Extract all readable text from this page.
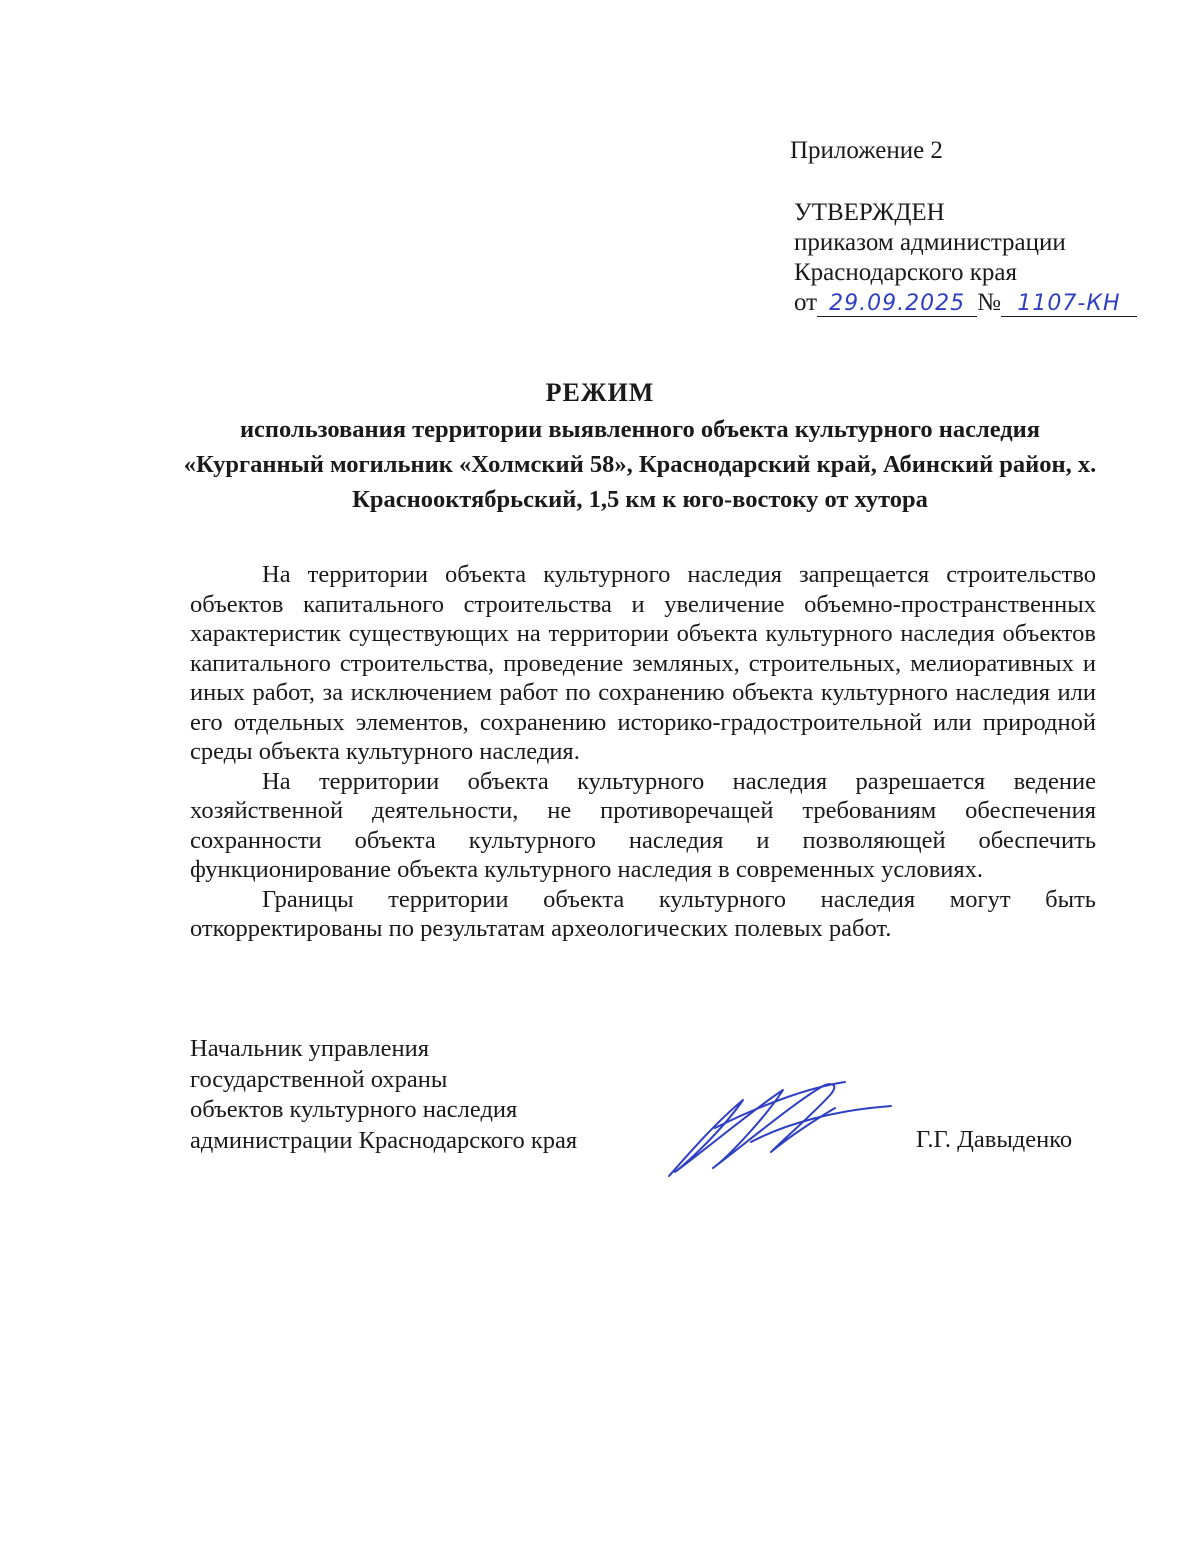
Приложение 2
УТВЕРЖДЕН
приказом администрации
Краснодарского края
от 29.09.2025 № 1107-КН
РЕЖИМ
использования территории выявленного объекта культурного наследия «Курганный могильник «Холмский 58», Краснодарский край, Абинский район, х. Краснооктябрьский, 1,5 км к юго-востоку от хутора

На территории объекта культурного наследия запрещается строительство объектов капитального строительства и увеличение объемно-пространственных характеристик существующих на территории объекта культурного наследия объектов капитального строительства, проведение земляных, строительных, мелиоративных и иных работ, за исключением работ по сохранению объекта культурного наследия или его отдельных элементов, сохранению историко-градостроительной или природной среды объекта культурного наследия.

На территории объекта культурного наследия разрешается ведение хозяйственной деятельности, не противоречащей требованиям обеспечения сохранности объекта культурного наследия и позволяющей обеспечить функционирование объекта культурного наследия в современных условиях.

Границы территории объекта культурного наследия могут быть откорректированы по результатам археологических полевых работ.

Начальник управления
государственной охраны
объектов культурного наследия
администрации Краснодарского края	Г.Г. Давыденко
